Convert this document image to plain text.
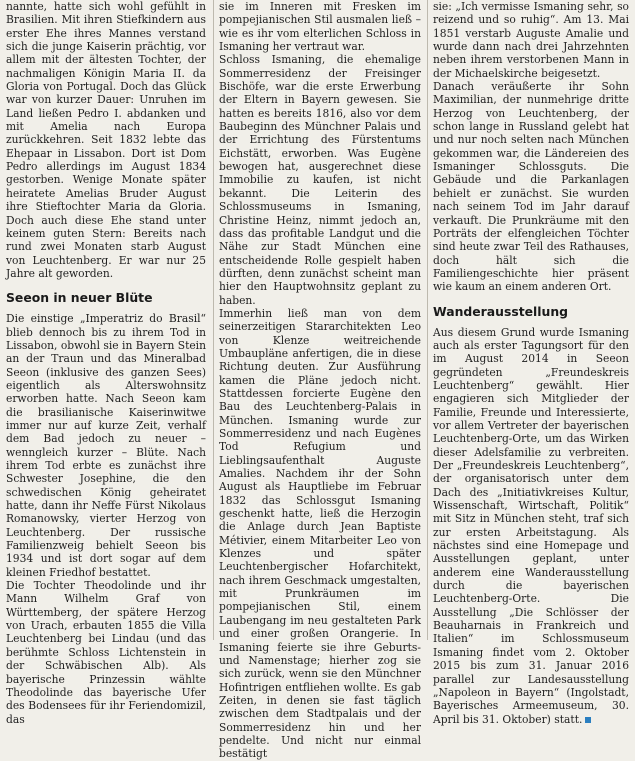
nannte, hatte sich wohl gefühlt in Brasilien. Mit ihren Stiefkindern aus erster Ehe ihres Mannes verstand sich die junge Kaiserin prächtig, vor allem mit der ältesten Tochter, der nachmaligen Königin Maria II. da Gloria von Portugal. Doch das Glück war von kurzer Dauer: Unruhen im Land ließen Pedro I. abdanken und mit Amelia nach Europa zurückkehren. Seit 1832 lebte das Ehepaar in Lissabon. Dort ist Dom Pedro allerdings im August 1834 gestorben. Wenige Monate später heiratete Amelias Bruder August ihre Stieftochter Maria da Gloria. Doch auch diese Ehe stand unter keinem guten Stern: Bereits nach rund zwei Monaten starb August von Leuchtenberg. Er war nur 25 Jahre alt geworden.

Seeon in neuer Blüte

Die einstige „Imperatriz do Brasil“ blieb dennoch bis zu ihrem Tod in Lissabon, obwohl sie in Bayern Stein an der Traun und das Mineralbad Seeon (inklusive des ganzen Sees) eigentlich als Alterswohnsitz erworben hatte. Nach Seeon kam die brasilianische Kaiserinwitwe immer nur auf kurze Zeit, verhalf dem Bad jedoch zu neuer – wenngleich kurzer – Blüte. Nach ihrem Tod erbte es zunächst ihre Schwester Josephine, die den schwedischen König geheiratet hatte, dann ihr Neffe Fürst Nikolaus Romanowsky, vierter Herzog von Leuchtenberg. Der russische Familienzweig behielt Seeon bis 1934 und ist dort sogar auf dem kleinen Friedhof bestattet.

Die Tochter Theodolinde und ihr Mann Wilhelm Graf von Württemberg, der spätere Herzog von Urach, erbauten 1855 die Villa Leuchtenberg bei Lindau (und das berühmte Schloss Lichtenstein in der Schwäbischen Alb). Als bayerische Prinzessin wählte Theodolinde das bayerische Ufer des Bodensees für ihr Feriendomizil, das

sie im Inneren mit Fresken im pompejianischen Stil ausmalen ließ – wie es ihr vom elterlichen Schloss in Ismaning her vertraut war.

Schloss Ismaning, die ehemalige Sommerresidenz der Freisinger Bischöfe, war die erste Erwerbung der Eltern in Bayern gewesen. Sie hatten es bereits 1816, also vor dem Baubeginn des Münchner Palais und der Errichtung des Fürstentums Eichstätt, erworben. Was Eugène bewogen hat, ausgerechnet diese Immobilie zu kaufen, ist nicht bekannt. Die Leiterin des Schlossmuseums in Ismaning, Christine Heinz, nimmt jedoch an, dass das profitable Landgut und die Nähe zur Stadt München eine entscheidende Rolle gespielt haben dürften, denn zunächst scheint man hier den Hauptwohnsitz geplant zu haben.

Immerhin ließ man von dem seinerzeitigen Stararchitekten Leo von Klenze weitreichende Umbaupläne anfertigen, die in diese Richtung deuten. Zur Ausführung kamen die Pläne jedoch nicht. Stattdessen forcierte Eugène den Bau des Leuchtenberg-Palais in München. Ismaning wurde zur Sommerresidenz und nach Eugènes Tod Refugium und Lieblingsaufenthalt Auguste Amalies. Nachdem ihr der Sohn August als Hauptliebe im Februar 1832 das Schlossgut Ismaning geschenkt hatte, ließ die Herzogin die Anlage durch Jean Baptiste Métivier, einem Mitarbeiter Leo von Klenzes und später Leuchtenbergischer Hofarchitekt, nach ihrem Geschmack umgestalten, mit Prunkräumen im pompejianischen Stil, einem Laubengang im neu gestalteten Park und einer großen Orangerie. In Ismaning feierte sie ihre Geburts- und Namenstage; hierher zog sie sich zurück, wenn sie den Münchner Hofintrigen entfliehen wollte. Es gab Zeiten, in denen sie fast täglich zwischen dem Stadtpalais und der Sommerresidenz hin und her pendelte. Und nicht nur einmal bestätigt

sie: „Ich vermisse Ismaning sehr, so reizend und so ruhig“. Am 13. Mai 1851 verstarb Auguste Amalie und wurde dann nach drei Jahrzehnten neben ihrem verstorbenen Mann in der Michaelskirche beigesetzt.

Danach veräußerte ihr Sohn Maximilian, der nunmehrige dritte Herzog von Leuchtenberg, der schon lange in Russland gelebt hat und nur noch selten nach München gekommen war, die Ländereien des Ismaninger Schlossguts. Die Gebäude und die Parkanlagen behielt er zunächst. Sie wurden nach seinem Tod im Jahr darauf verkauft. Die Prunkräume mit den Porträts der elfengleichen Töchter sind heute zwar Teil des Rathauses, doch hält sich die Familiengeschichte hier präsent wie kaum an einem anderen Ort.

Wanderausstellung

Aus diesem Grund wurde Ismaning auch als erster Tagungsort für den im August 2014 in Seeon gegründeten „Freundeskreis Leuchtenberg“ gewählt. Hier engagieren sich Mitglieder der Familie, Freunde und Interessierte, vor allem Vertreter der bayerischen Leuchtenberg-Orte, um das Wirken dieser Adelsfamilie zu verbreiten. Der „Freundeskreis Leuchtenberg“, der organisatorisch unter dem Dach des „Initiativkreises Kultur, Wissenschaft, Wirtschaft, Politik“ mit Sitz in München steht, traf sich zur ersten Arbeitstagung. Als nächstes sind eine Homepage und Ausstellungen geplant, unter anderem eine Wanderausstellung durch die bayerischen Leuchtenberg-Orte. Die Ausstellung „Die Schlösser der Beauharnais in Frankreich und Italien“ im Schlossmuseum Ismaning findet vom 2. Oktober 2015 bis zum 31. Januar 2016 parallel zur Landesausstellung „Napoleon in Bayern“ (Ingolstadt, Bayerisches Armeemuseum, 30. April bis 31. Oktober) statt.
